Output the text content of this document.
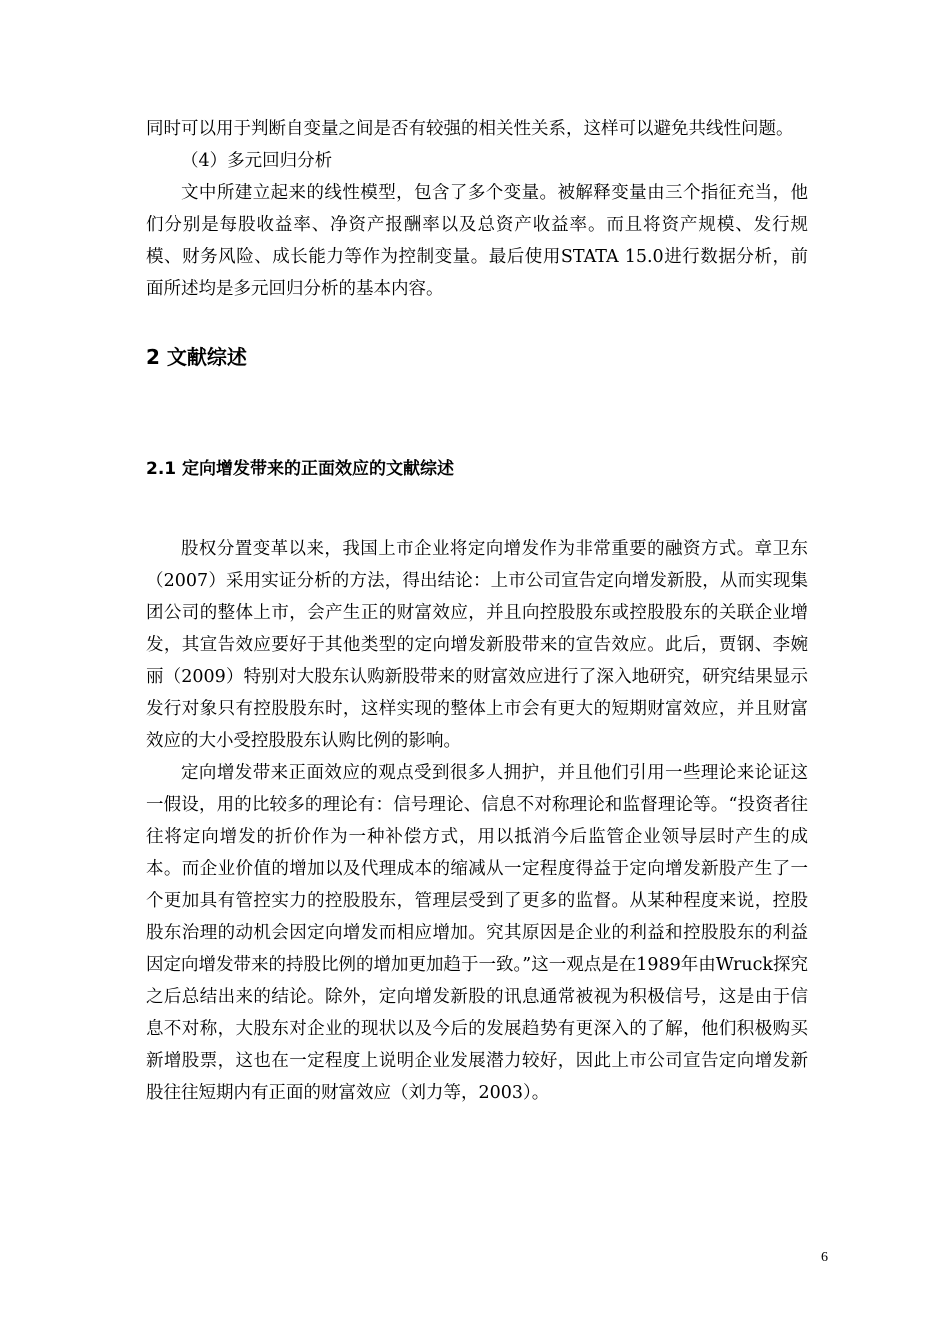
同时可以用于判断自变量之间是否有较强的相关性关系，这样可以避免共线性问题。

（4）多元回归分析

文中所建立起来的线性模型，包含了多个变量。被解释变量由三个指征充当，他们分别是每股收益率、净资产报酬率以及总资产收益率。而且将资产规模、发行规模、财务风险、成长能力等作为控制变量。最后使用STATA 15.0进行数据分析，前面所述均是多元回归分析的基本内容。

2 文献综述
2.1 定向增发带来的正面效应的文献综述

股权分置变革以来，我国上市企业将定向增发作为非常重要的融资方式。章卫东（2007）采用实证分析的方法，得出结论：上市公司宣告定向增发新股，从而实现集团公司的整体上市，会产生正的财富效应，并且向控股股东或控股股东的关联企业增发，其宣告效应要好于其他类型的定向增发新股带来的宣告效应。此后，贾钢、李婉丽（2009）特别对大股东认购新股带来的财富效应进行了深入地研究，研究结果显示发行对象只有控股股东时，这样实现的整体上市会有更大的短期财富效应，并且财富效应的大小受控股股东认购比例的影响。

定向增发带来正面效应的观点受到很多人拥护，并且他们引用一些理论来论证这一假设，用的比较多的理论有：信号理论、信息不对称理论和监督理论等。“投资者往往将定向增发的折价作为一种补偿方式，用以抵消今后监管企业领导层时产生的成本。而企业价值的增加以及代理成本的缩减从一定程度得益于定向增发新股产生了一个更加具有管控实力的控股股东，管理层受到了更多的监督。从某种程度来说，控股股东治理的动机会因定向增发而相应增加。究其原因是企业的利益和控股股东的利益因定向增发带来的持股比例的增加更加趋于一致。”这一观点是在1989年由Wruck探究之后总结出来的结论。除外，定向增发新股的讯息通常被视为积极信号，这是由于信息不对称，大股东对企业的现状以及今后的发展趋势有更深入的了解，他们积极购买新增股票，这也在一定程度上说明企业发展潜力较好，因此上市公司宣告定向增发新股往往短期内有正面的财富效应（刘力等，2003）。

6
